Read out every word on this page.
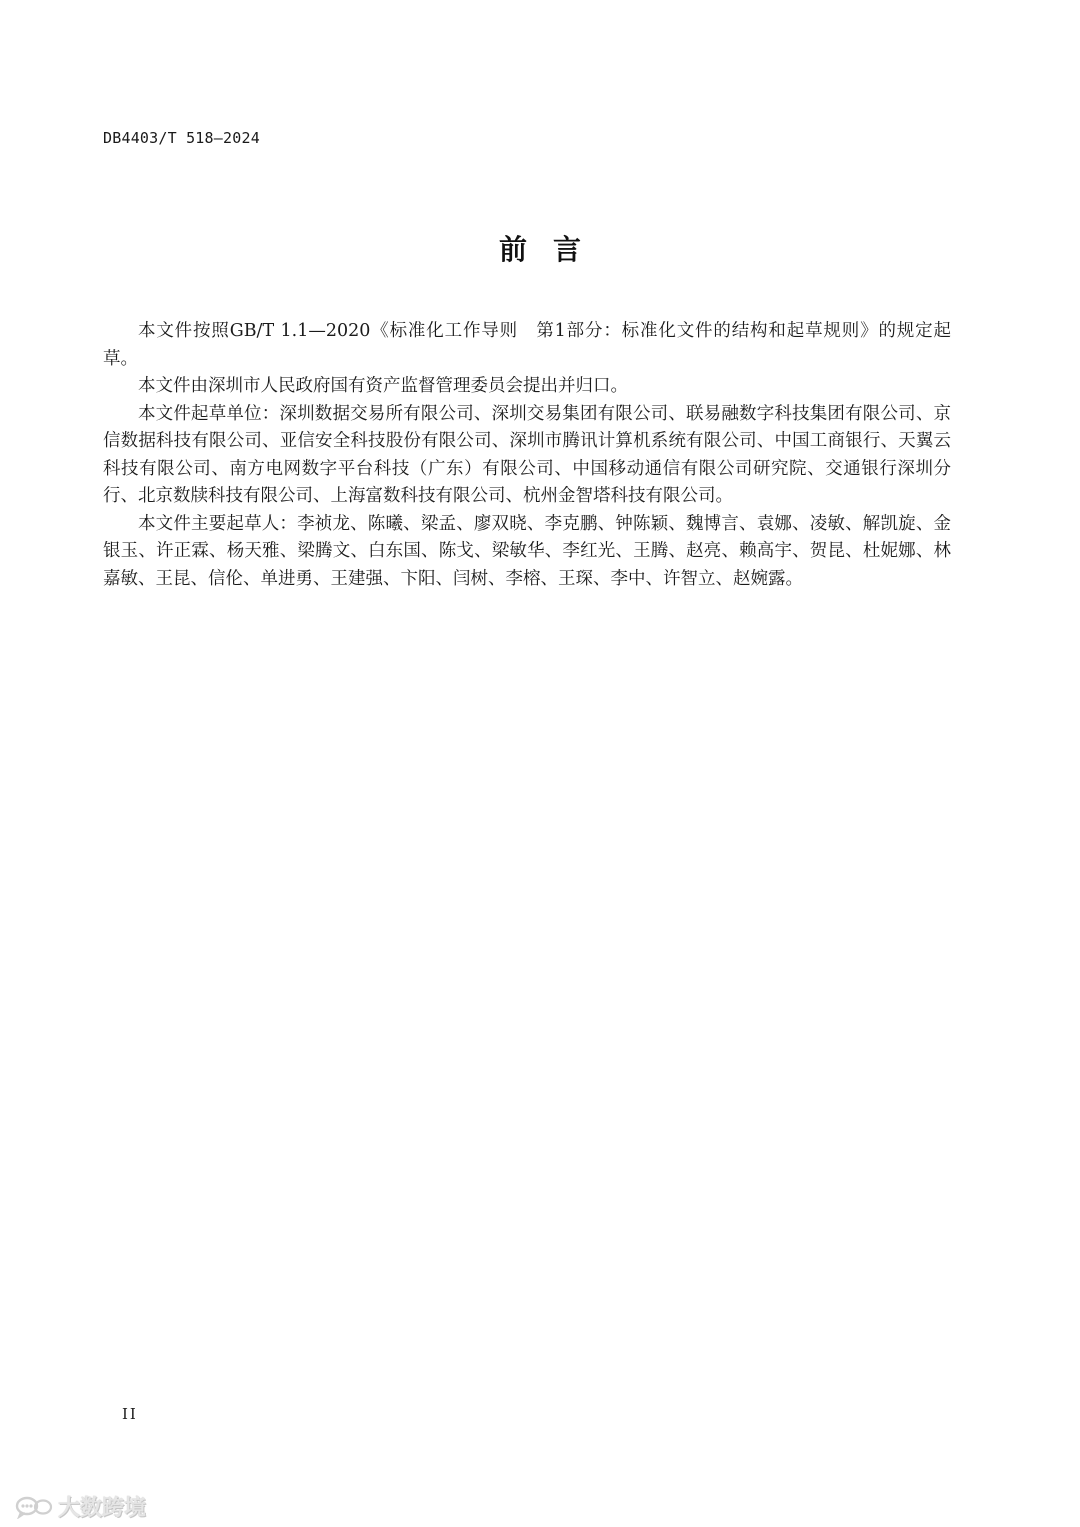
DB4403/T 518—2024
前言

本文件按照GB/T 1.1—2020《标准化工作导则　第1部分：标准化文件的结构和起草规则》的规定起草。

本文件由深圳市人民政府国有资产监督管理委员会提出并归口。

本文件起草单位：深圳数据交易所有限公司、深圳交易集团有限公司、联易融数字科技集团有限公司、京信数据科技有限公司、亚信安全科技股份有限公司、深圳市腾讯计算机系统有限公司、中国工商银行、天翼云科技有限公司、南方电网数字平台科技（广东）有限公司、中国移动通信有限公司研究院、交通银行深圳分行、北京数牍科技有限公司、上海富数科技有限公司、杭州金智塔科技有限公司。

本文件主要起草人：李祯龙、陈曦、梁孟、廖双晓、李克鹏、钟陈颖、魏博言、袁娜、凌敏、解凯旋、金银玉、许正霖、杨天雅、梁腾文、白东国、陈戈、梁敏华、李红光、王腾、赵亮、赖高宇、贺昆、杜妮娜、林嘉敏、王昆、信伦、单进勇、王建强、卞阳、闫树、李榕、王琛、李中、许智立、赵婉露。

II
大数跨境
